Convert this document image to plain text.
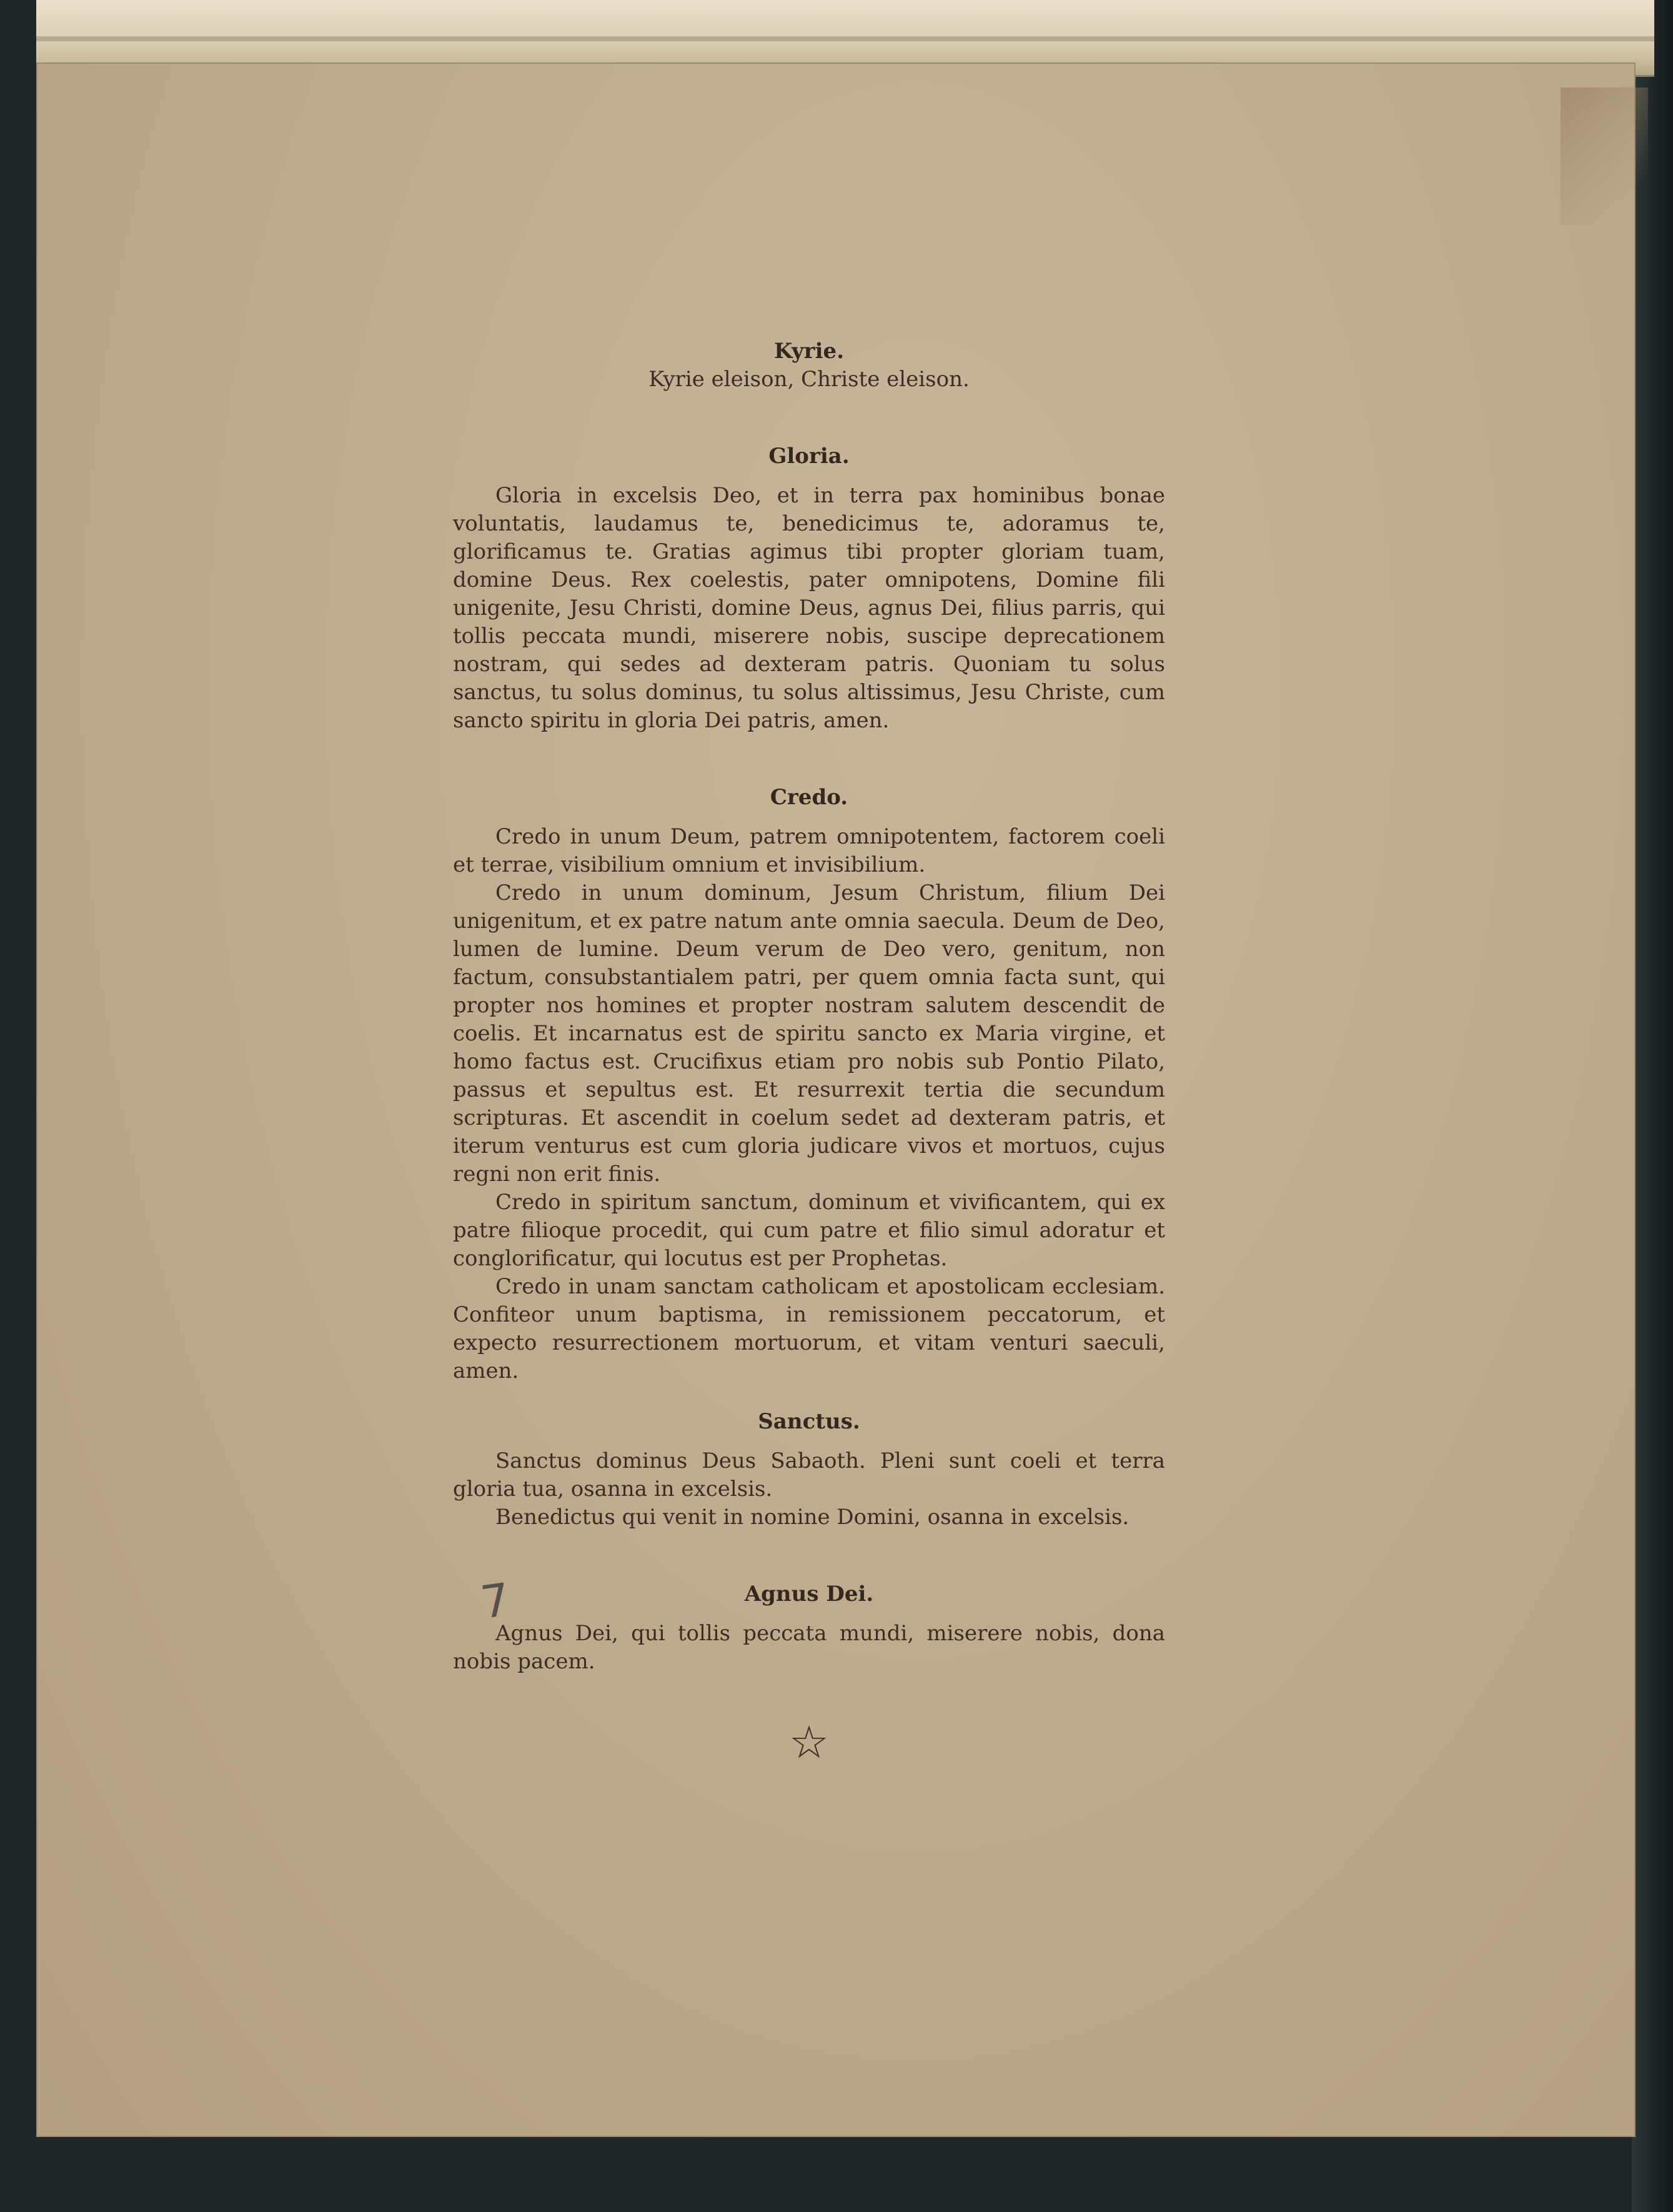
Kyrie.

Kyrie eleison, Christe eleison.

Gloria.

Gloria in excelsis Deo, et in terra pax hominibus bonae voluntatis, laudamus te, benedicimus te, adoramus te, glorificamus te. Gratias agimus tibi propter gloriam tuam, domine Deus. Rex coelestis, pater omnipotens, Domine fili unigenite, Jesu Christi, domine Deus, agnus Dei, filius parris, qui tollis peccata mundi, miserere nobis, suscipe deprecationem nostram, qui sedes ad dexteram patris. Quoniam tu solus sanctus, tu solus dominus, tu solus altissimus, Jesu Christe, cum sancto spiritu in gloria Dei patris, amen.

Credo.

Credo in unum Deum, patrem omnipotentem, factorem coeli et terrae, visibilium omnium et invisibilium.

Credo in unum dominum, Jesum Christum, filium Dei unigenitum, et ex patre natum ante omnia saecula. Deum de Deo, lumen de lumine. Deum verum de Deo vero, genitum, non factum, consubstantialem patri, per quem omnia facta sunt, qui propter nos homines et propter nostram salutem descendit de coelis. Et incarnatus est de spiritu sancto ex Maria virgine, et homo factus est. Crucifixus etiam pro nobis sub Pontio Pilato, passus et sepultus est. Et resurrexit tertia die secundum scripturas. Et ascendit in coelum sedet ad dexteram patris, et iterum venturus est cum gloria judicare vivos et mortuos, cujus regni non erit finis.

Credo in spiritum sanctum, dominum et vivificantem, qui ex patre filioque procedit, qui cum patre et filio simul adoratur et conglorificatur, qui locutus est per Prophetas.

Credo in unam sanctam catholicam et apostolicam ecclesiam. Confiteor unum baptisma, in remissionem peccatorum, et expecto resurrectionem mortuorum, et vitam venturi saeculi, amen.

Sanctus.

Sanctus dominus Deus Sabaoth. Pleni sunt coeli et terra gloria tua, osanna in excelsis.

Benedictus qui venit in nomine Domini, osanna in excelsis.

Agnus Dei.

Agnus Dei, qui tollis peccata mundi, miserere nobis, dona nobis pacem.

☆
7
